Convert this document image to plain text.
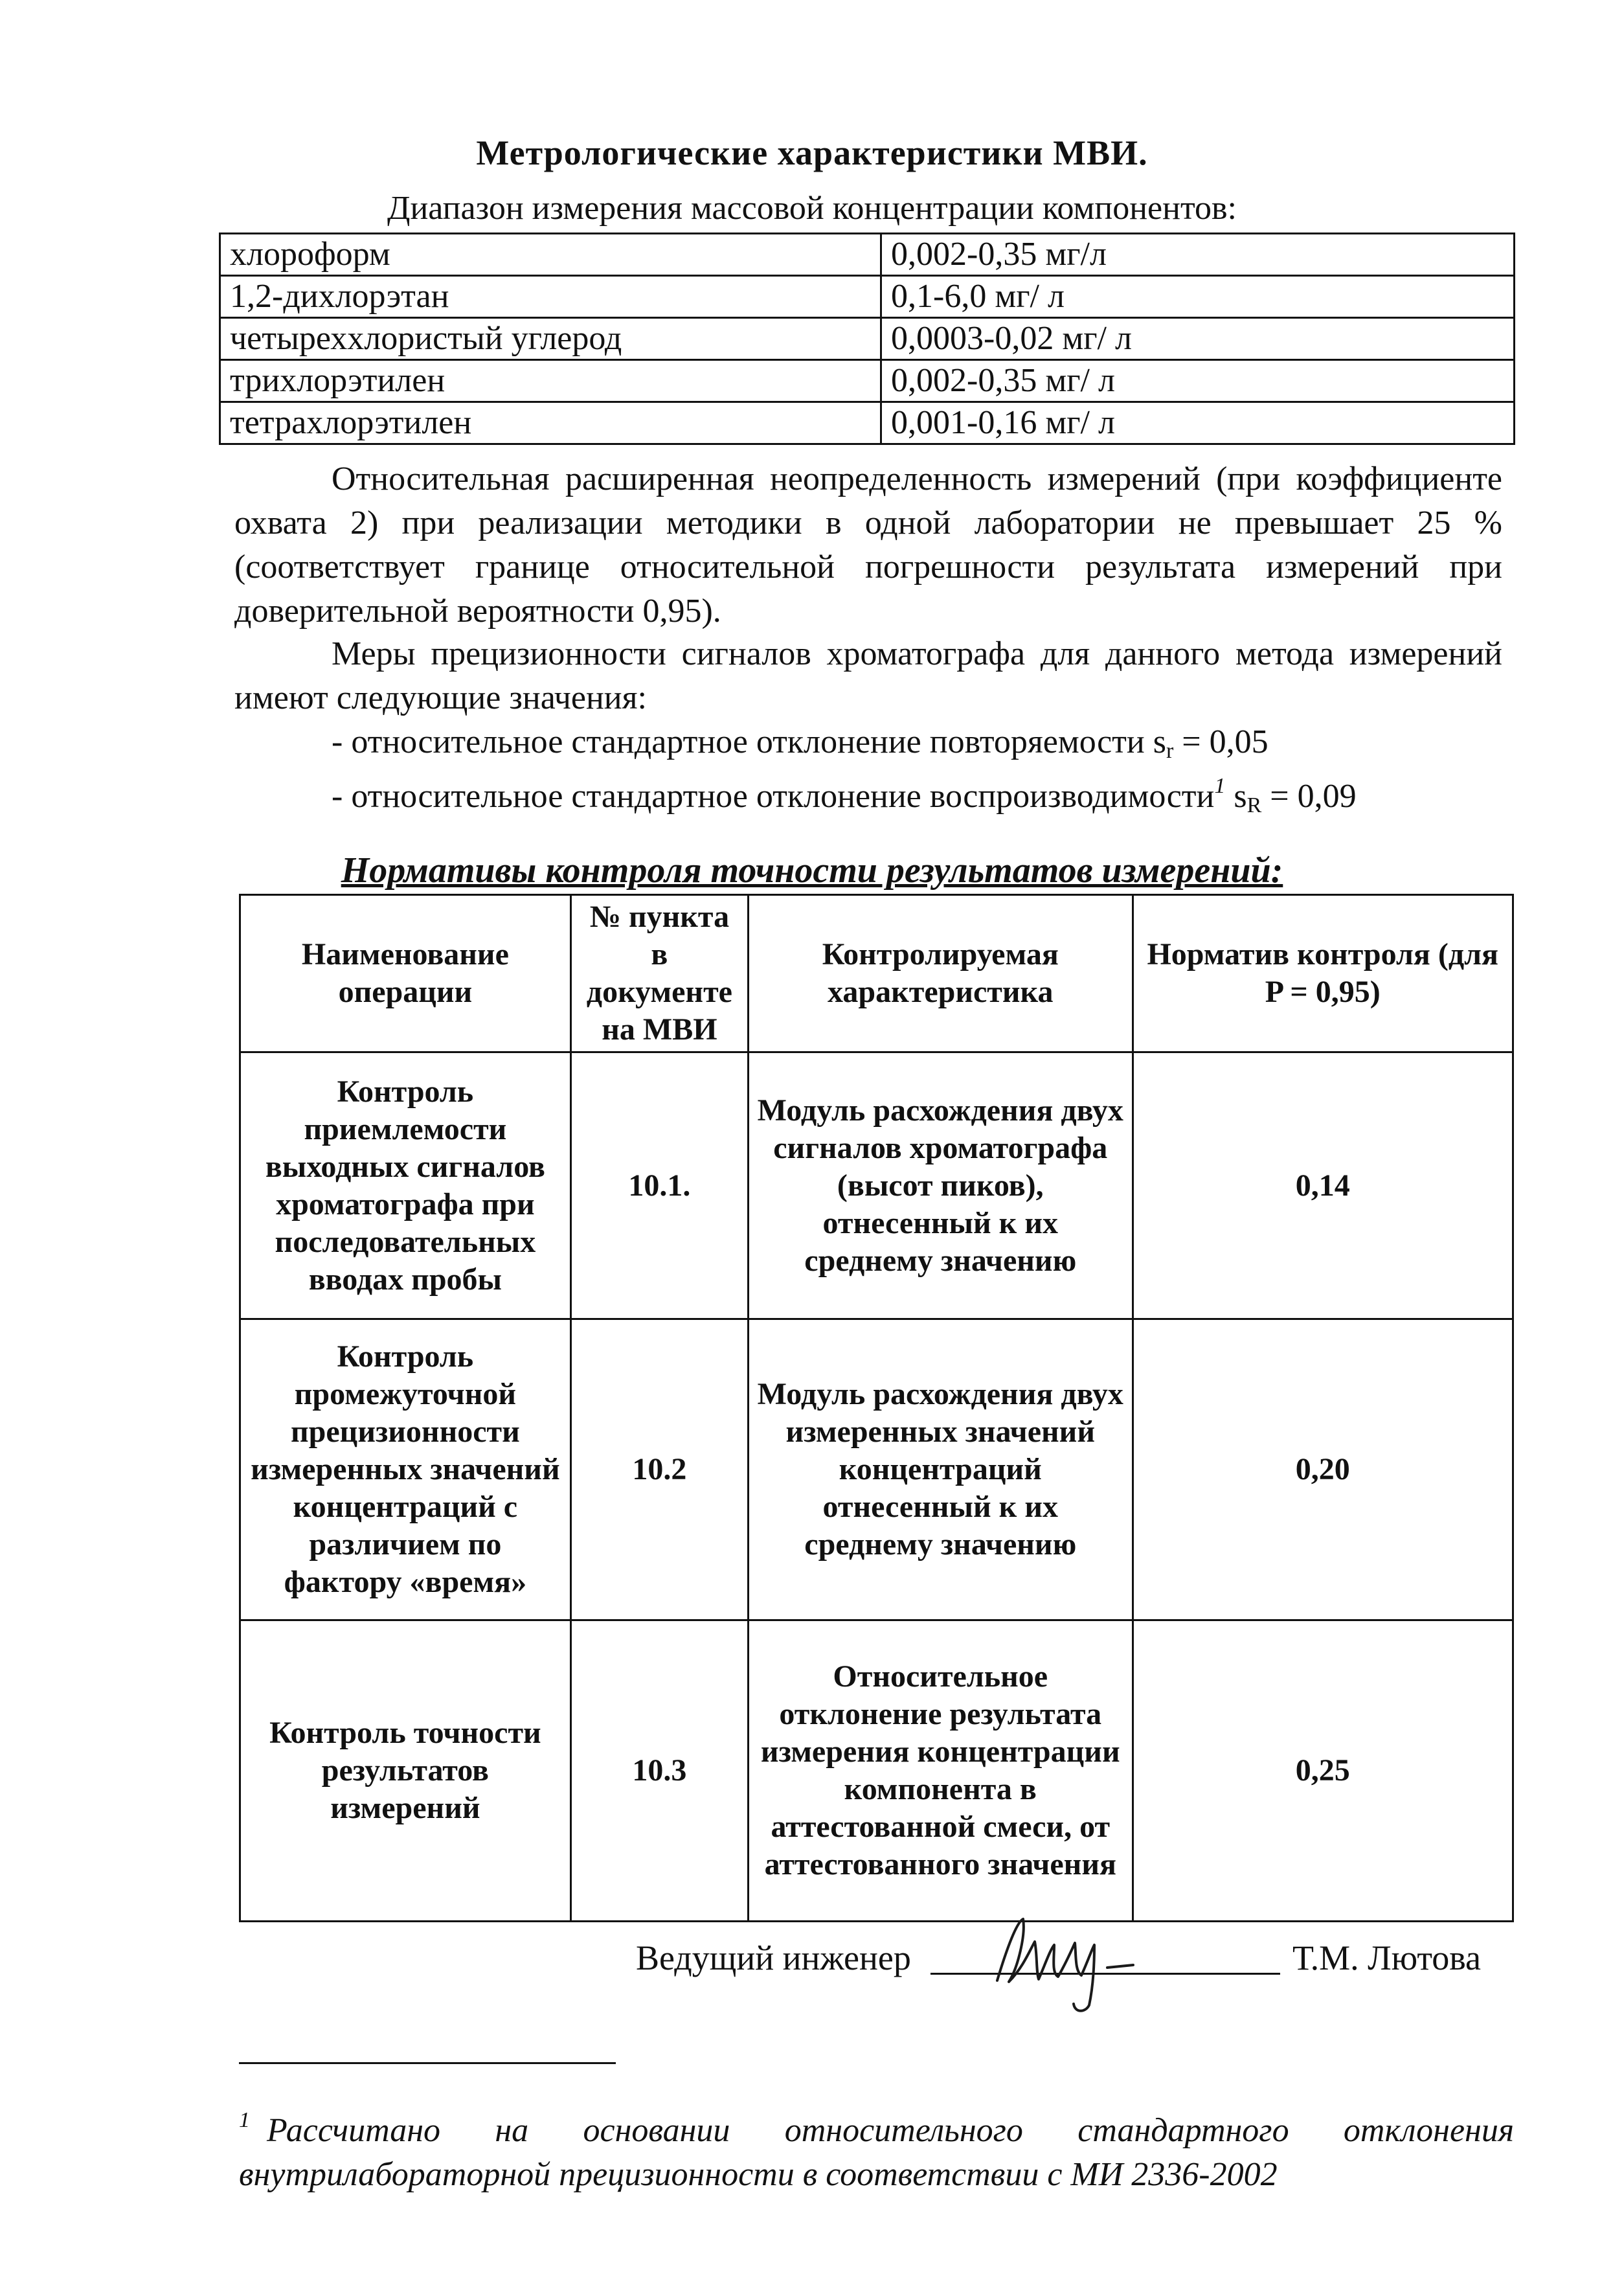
Метрологические характеристики МВИ.
Диапазон измерения массовой концентрации компонентов:
хлороформ	0,002-0,35 мг/л
1,2-дихлорэтан	0,1-6,0 мг/ л
четыреххлористый углерод	0,0003-0,02 мг/ л
трихлорэтилен	0,002-0,35 мг/ л
тетрахлорэтилен	0,001-0,16 мг/ л
Относительная расширенная неопределенность измерений (при коэффициенте охвата 2) при реализации методики в одной лаборатории не превышает 25 % (соответствует границе относительной погрешности результата измерений при доверительной вероятности 0,95).
Меры прецизионности сигналов хроматографа для данного метода измерений имеют следующие значения:
- относительное стандартное отклонение повторяемости $s_r = 0,05$
- относительное стандартное отклонение воспроизводимости$^1$ $s_R = 0,09$
Нормативы контроля точности результатов измерений:
Наименование операции	№ пункта в документе на МВИ	Контролируемая характеристика	Норматив контроля (для P = 0,95)
Контроль приемлемости выходных сигналов хроматографа при последовательных вводах пробы	10.1.	Модуль расхождения двух сигналов хроматографа (высот пиков), отнесенный к их среднему значению	0,14
Контроль промежуточной прецизионности измеренных значений концентраций с различием по фактору «время»	10.2	Модуль расхождения двух измеренных значений концентраций отнесенный к их среднему значению	0,20
Контроль точности результатов измерений	10.3	Относительное отклонение результата измерения концентрации компонента в аттестованной смеси, от аттестованного значения	0,25
Ведущий инженер	Т.М. Лютова
$^1$ Рассчитано на основании относительного стандартного отклонения внутрилабораторной прецизионности в соответствии с МИ 2336-2002
